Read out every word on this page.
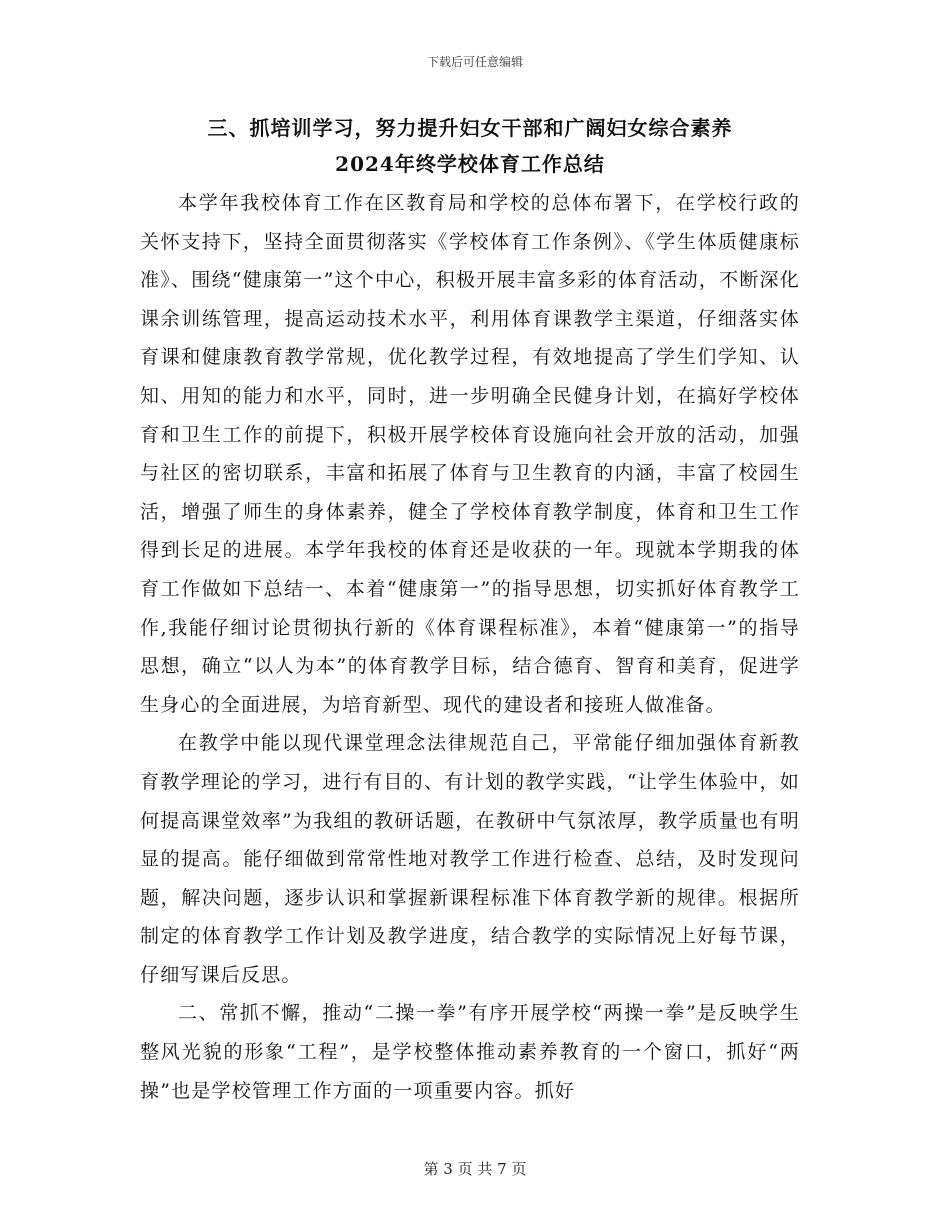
下载后可任意编辑
三、抓培训学习，努力提升妇女干部和广阔妇女综合素养
2024年终学校体育工作总结

本学年我校体育工作在区教育局和学校的总体布署下，在学校行政的关怀支持下，坚持全面贯彻落实《学校体育工作条例》、《学生体质健康标准》、围绕“健康第一”这个中心，积极开展丰富多彩的体育活动，不断深化课余训练管理，提高运动技术水平，利用体育课教学主渠道，仔细落实体育课和健康教育教学常规，优化教学过程，有效地提高了学生们学知、认知、用知的能力和水平，同时，进一步明确全民健身计划，在搞好学校体育和卫生工作的前提下，积极开展学校体育设施向社会开放的活动，加强与社区的密切联系，丰富和拓展了体育与卫生教育的内涵，丰富了校园生活，增强了师生的身体素养，健全了学校体育教学制度，体育和卫生工作得到长足的进展。本学年我校的体育还是收获的一年。现就本学期我的体育工作做如下总结一、本着“健康第一”的指导思想，切实抓好体育教学工作,我能仔细讨论贯彻执行新的《体育课程标准》，本着“健康第一”的指导思想，确立“以人为本”的体育教学目标，结合德育、智育和美育，促进学生身心的全面进展，为培育新型、现代的建设者和接班人做准备。

在教学中能以现代课堂理念法律规范自己，平常能仔细加强体育新教育教学理论的学习，进行有目的、有计划的教学实践，“让学生体验中，如何提高课堂效率”为我组的教研话题，在教研中气氛浓厚，教学质量也有明显的提高。能仔细做到常常性地对教学工作进行检查、总结，及时发现问题，解决问题，逐步认识和掌握新课程标准下体育教学新的规律。根据所制定的体育教学工作计划及教学进度，结合教学的实际情况上好每节课，仔细写课后反思。

二、常抓不懈，推动“二操一拳”有序开展学校“两操一拳”是反映学生整风光貌的形象“工程”，是学校整体推动素养教育的一个窗口，抓好“两操”也是学校管理工作方面的一项重要内容。抓好

第 3 页 共 7 页
